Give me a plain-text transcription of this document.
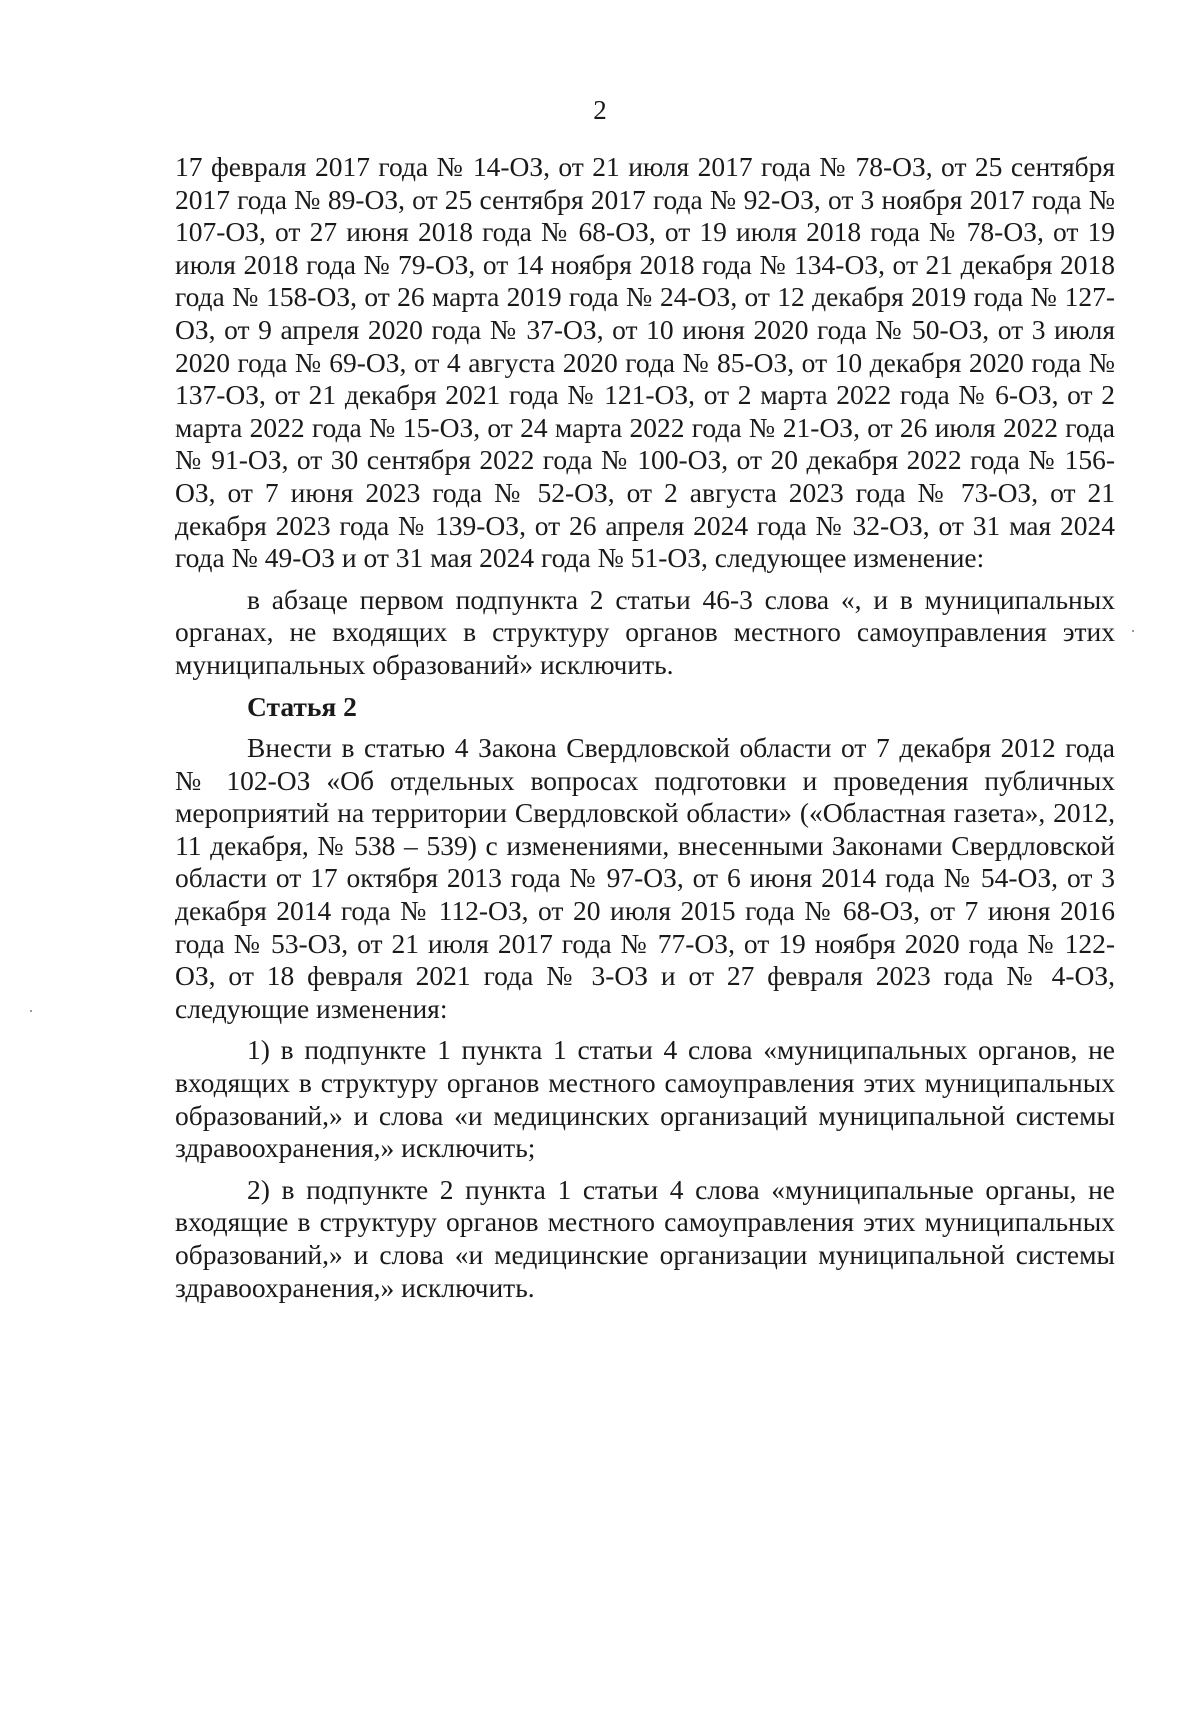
2

17 февраля 2017 года № 14-ОЗ, от 21 июля 2017 года № 78-ОЗ, от 25 сентября 2017 года № 89-ОЗ, от 25 сентября 2017 года № 92-ОЗ, от 3 ноября 2017 года № 107-ОЗ, от 27 июня 2018 года № 68-ОЗ, от 19 июля 2018 года № 78-ОЗ, от 19 июля 2018 года № 79-ОЗ, от 14 ноября 2018 года № 134-ОЗ, от 21 декабря 2018 года № 158-ОЗ, от 26 марта 2019 года № 24-ОЗ, от 12 декабря 2019 года № 127-ОЗ, от 9 апреля 2020 года № 37-ОЗ, от 10 июня 2020 года № 50-ОЗ, от 3 июля 2020 года № 69-ОЗ, от 4 августа 2020 года № 85-ОЗ, от 10 декабря 2020 года № 137-ОЗ, от 21 декабря 2021 года № 121-ОЗ, от 2 марта 2022 года № 6-ОЗ, от 2 марта 2022 года № 15-ОЗ, от 24 марта 2022 года № 21-ОЗ, от 26 июля 2022 года № 91-ОЗ, от 30 сентября 2022 года № 100-ОЗ, от 20 декабря 2022 года № 156-ОЗ, от 7 июня 2023 года № 52-ОЗ, от 2 августа 2023 года № 73-ОЗ, от 21 декабря 2023 года № 139-ОЗ, от 26 апреля 2024 года № 32-ОЗ, от 31 мая 2024 года № 49-ОЗ и от 31 мая 2024 года № 51-ОЗ, следующее изменение:

в абзаце первом подпункта 2 статьи 46-3 слова «, и в муниципальных органах, не входящих в структуру органов местного самоуправления этих муниципальных образований» исключить.

Статья 2

Внести в статью 4 Закона Свердловской области от 7 декабря 2012 года № 102-ОЗ «Об отдельных вопросах подготовки и проведения публичных мероприятий на территории Свердловской области» («Областная газета», 2012, 11 декабря, № 538 – 539) с изменениями, внесенными Законами Свердловской области от 17 октября 2013 года № 97-ОЗ, от 6 июня 2014 года № 54-ОЗ, от 3 декабря 2014 года № 112-ОЗ, от 20 июля 2015 года № 68-ОЗ, от 7 июня 2016 года № 53-ОЗ, от 21 июля 2017 года № 77-ОЗ, от 19 ноября 2020 года № 122-ОЗ, от 18 февраля 2021 года № 3-ОЗ и от 27 февраля 2023 года № 4-ОЗ, следующие изменения:

1) в подпункте 1 пункта 1 статьи 4 слова «муниципальных органов, не входящих в структуру органов местного самоуправления этих муниципальных образований,» и слова «и медицинских организаций муниципальной системы здравоохранения,» исключить;

2) в подпункте 2 пункта 1 статьи 4 слова «муниципальные органы, не входящие в структуру органов местного самоуправления этих муниципальных образований,» и слова «и медицинские организации муниципальной системы здравоохранения,» исключить.
